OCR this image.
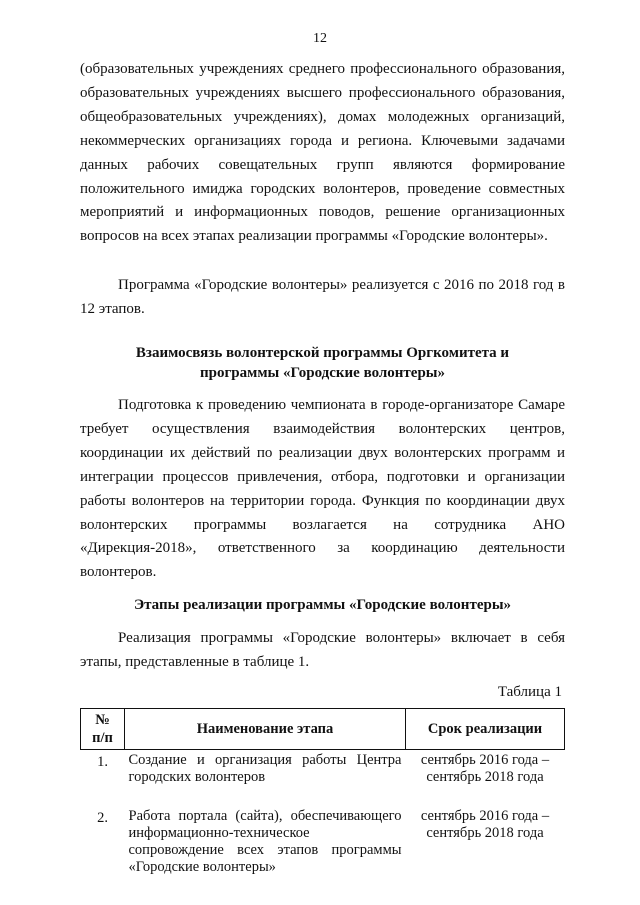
12

(образовательных учреждениях среднего профессионального образования, образовательных учреждениях высшего профессионального образования, общеобразовательных учреждениях), домах молодежных организаций, некоммерческих организациях города и региона. Ключевыми задачами данных рабочих совещательных групп являются формирование положительного имиджа городских волонтеров, проведение совместных мероприятий и информационных поводов, решение организационных вопросов на всех этапах реализации программы «Городские волонтеры».

Программа «Городские волонтеры» реализуется с 2016 по 2018 год в 12 этапов.

Взаимосвязь волонтерской программы Оргкомитета и
программы «Городские волонтеры»

Подготовка к проведению чемпионата в городе-организаторе Самаре требует осуществления взаимодействия волонтерских центров, координации их действий по реализации двух волонтерских программ и интеграции процессов привлечения, отбора, подготовки и организации работы волонтеров на территории города. Функция по координации двух волонтерских программы возлагается на сотрудника АНО «Дирекция-2018», ответственного за координацию деятельности волонтеров.

Этапы реализации программы «Городские волонтеры»

Реализация программы «Городские волонтеры» включает в себя этапы, представленные в таблице 1.

Таблица 1

№
п/п	Наименование этапа	Срок реализации
1.	Создание и организация работы Центра городских волонтеров	сентябрь 2016 года –
сентябрь 2018 года

2.	Работа портала (сайта), обеспечивающего информационно-техническое сопровождение всех этапов программы «Городские волонтеры»	сентябрь 2016 года –
сентябрь 2018 года
